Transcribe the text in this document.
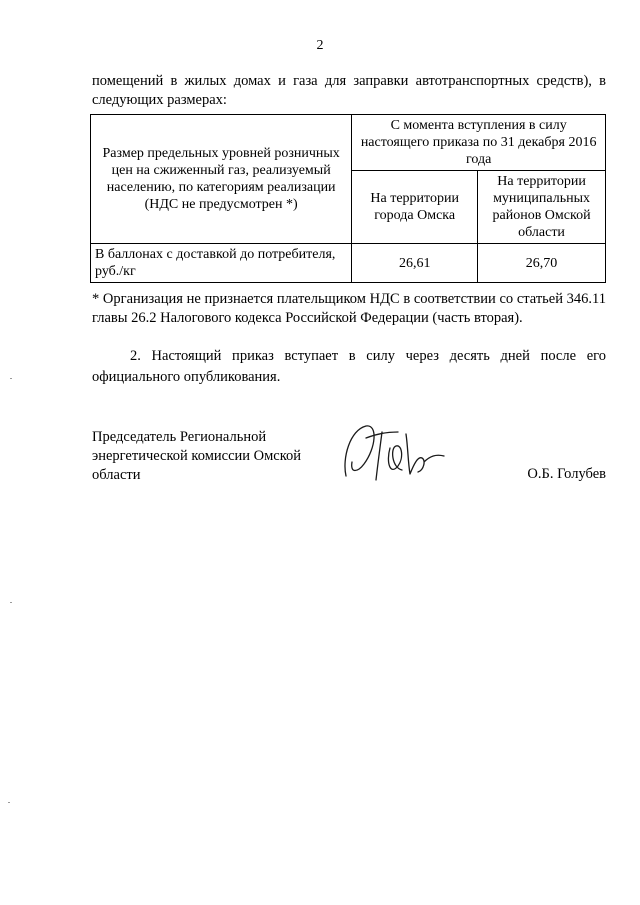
2
помещений в жилых домах и газа для заправки автотранспортных средств), в следующих размерах:
Размер предельных уровней розничных цен на сжиженный газ, реализуемый населению, по категориям реализации (НДС не предусмотрен *)	С момента вступления в силу настоящего приказа по 31 декабря 2016 года	
	На территории города Омска	На территории муниципальных районов Омской области
В баллонах с доставкой до потребителя, руб./кг	26,61	26,70
* Организация не признается плательщиком НДС в соответствии со статьей 346.11 главы 26.2 Налогового кодекса Российской Федерации (часть вторая).
2. Настоящий приказ вступает в силу через десять дней после его официального опубликования.
Председатель Региональной энергетической комиссии Омской области	О.Б. Голубев
